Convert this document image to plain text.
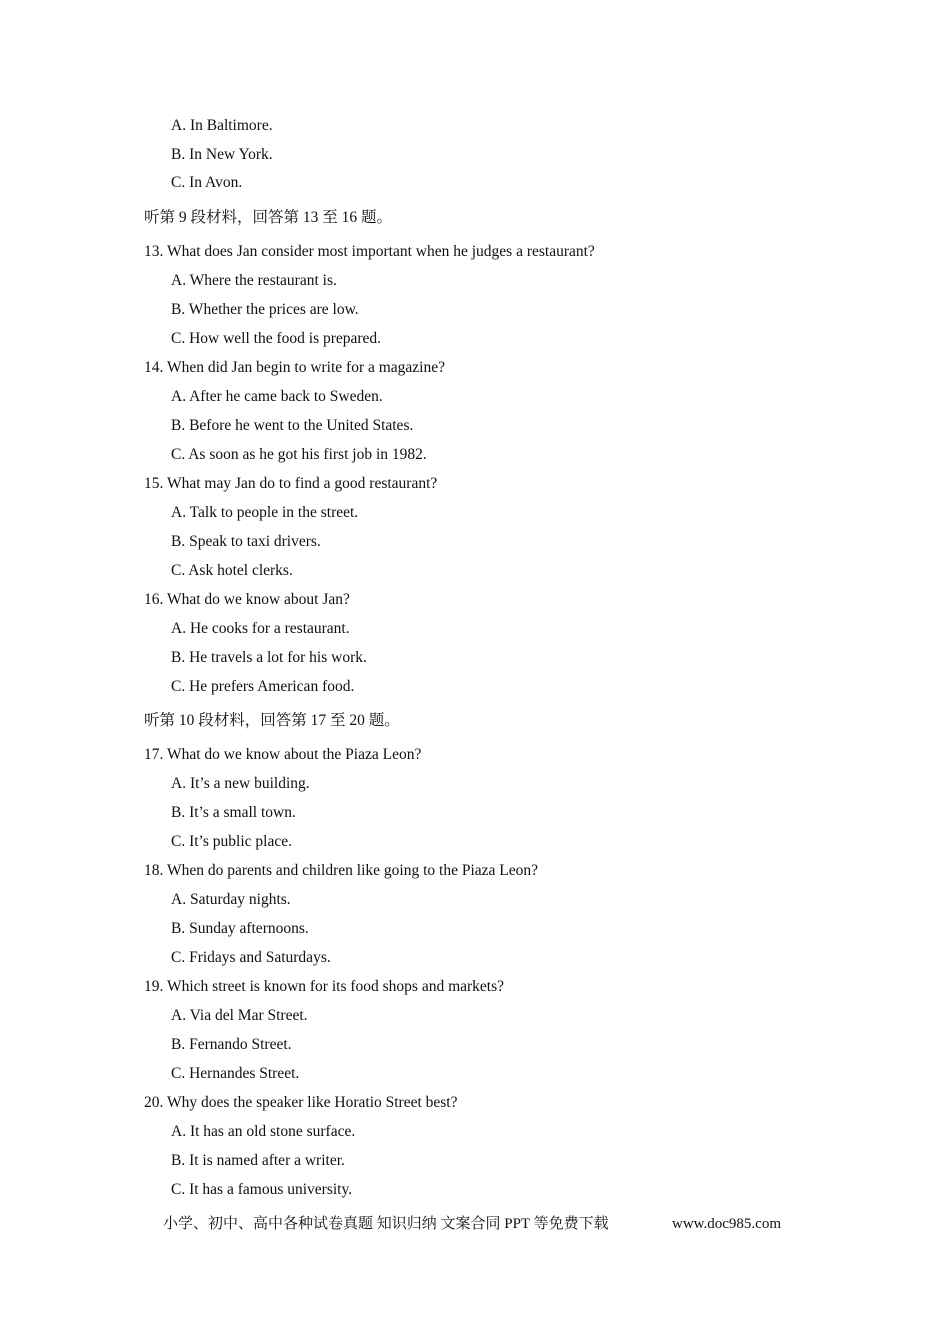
A. In Baltimore.
B. In New York.
C. In Avon.
听第 9 段材料，回答第 13 至 16 题。
13. What does Jan consider most important when he judges a restaurant?
A. Where the restaurant is.
B. Whether the prices are low.
C. How well the food is prepared.
14. When did Jan begin to write for a magazine?
A. After he came back to Sweden.
B. Before he went to the United States.
C. As soon as he got his first job in 1982.
15. What may Jan do to find a good restaurant?
A. Talk to people in the street.
B. Speak to taxi drivers.
C. Ask hotel clerks.
16. What do we know about Jan?
A. He cooks for a restaurant.
B. He travels a lot for his work.
C. He prefers American food.
听第 10 段材料，回答第 17 至 20 题。
17. What do we know about the Piaza Leon?
A. It’s a new building.
B. It’s a small town.
C. It’s public place.
18. When do parents and children like going to the Piaza Leon?
A. Saturday nights.
B. Sunday afternoons.
C. Fridays and Saturdays.
19. Which street is known for its food shops and markets?
A. Via del Mar Street.
B. Fernando Street.
C. Hernandes Street.
20. Why does the speaker like Horatio Street best?
A. It has an old stone surface.
B. It is named after a writer.
C. It has a famous university.
小学、初中、高中各种试卷真题 知识归纳 文案合同 PPT 等免费下载	www.doc985.com
